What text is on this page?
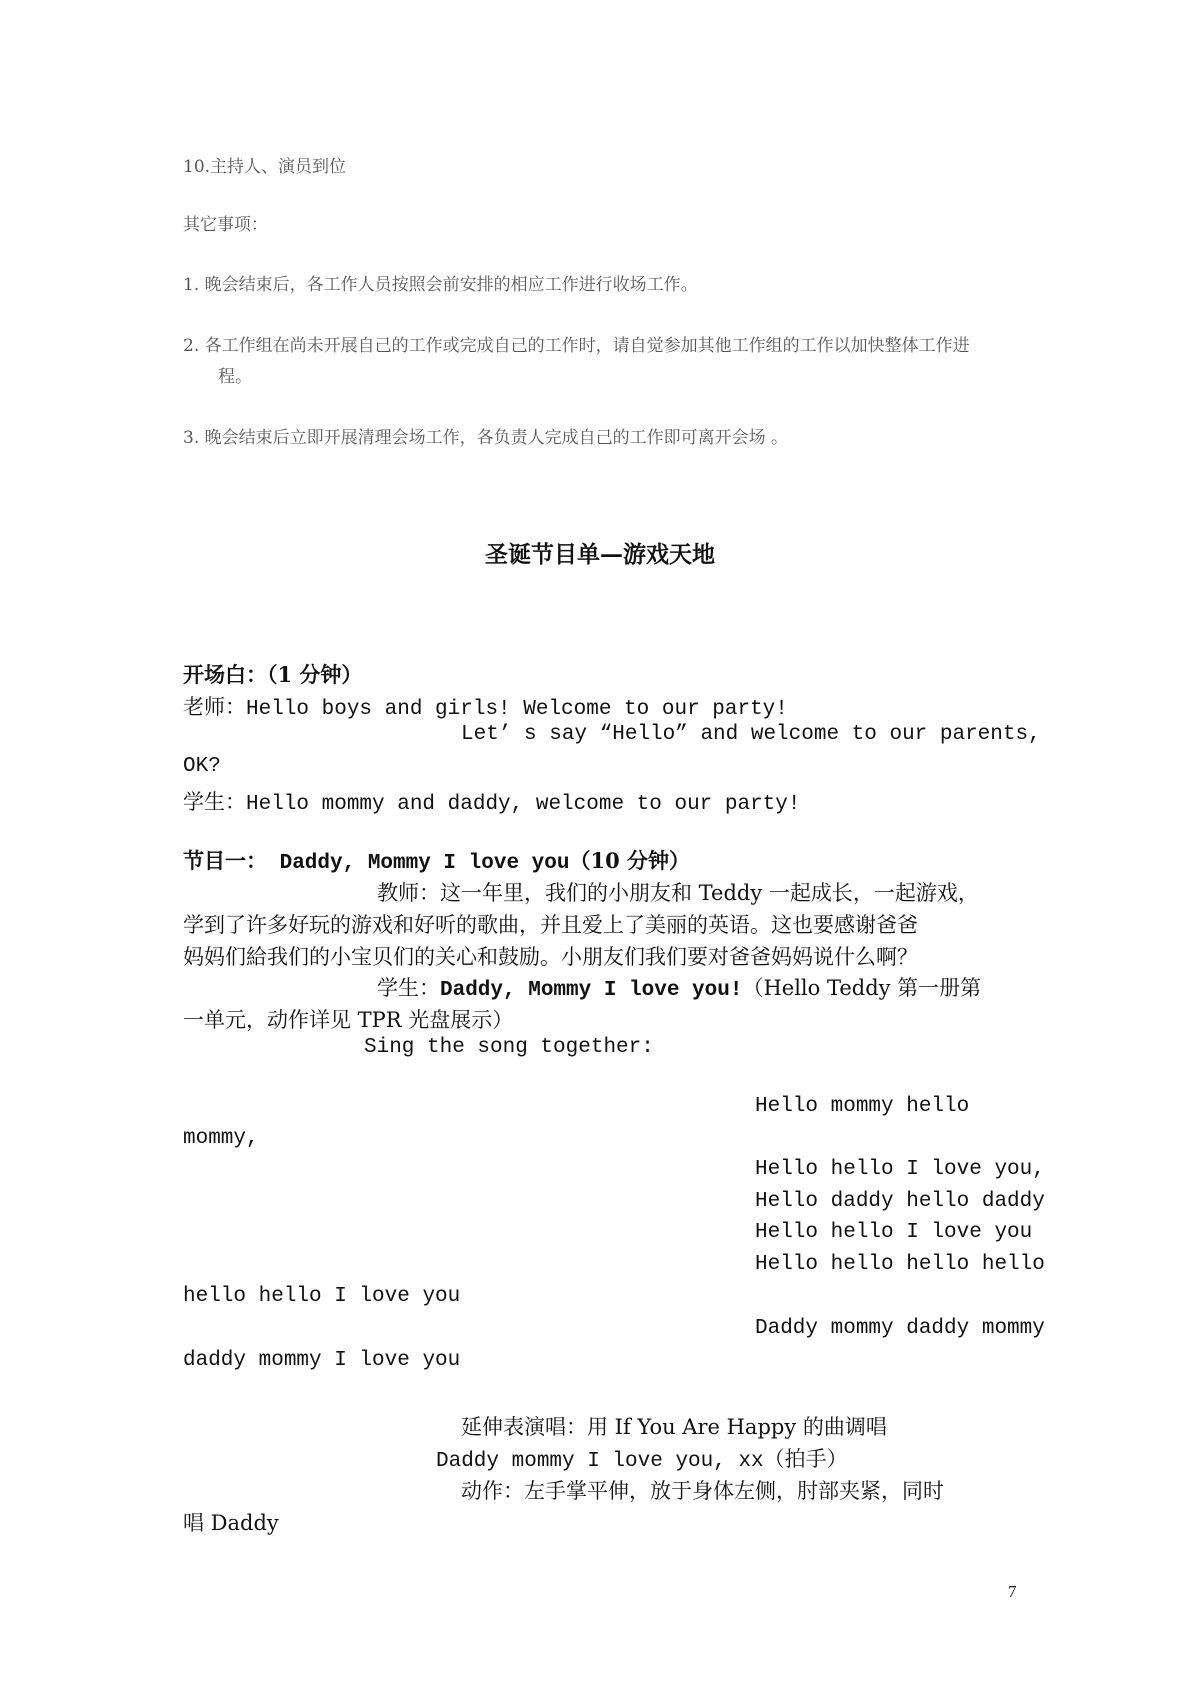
10.主持人、演员到位
其它事项：
1. 晚会结束后，各工作人员按照会前安排的相应工作进行收场工作。
2. 各工作组在尚未开展自己的工作或完成自己的工作时，请自觉参加其他工作组的工作以加快整体工作进
程。
3. 晚会结束后立即开展清理会场工作，各负责人完成自己的工作即可离开会场 。
圣诞节目单—游戏天地
开场白：（1 分钟）
老师：Hello boys and girls! Welcome to our party!
Let’ s say “Hello” and welcome to our parents,
OK?
学生：Hello mommy and daddy, welcome to our party!
节目一： Daddy, Mommy I love you（10 分钟）
教师：这一年里，我们的小朋友和 Teddy 一起成长，一起游戏，
学到了许多好玩的游戏和好听的歌曲，并且爱上了美丽的英语。这也要感谢爸爸
妈妈们給我们的小宝贝们的关心和鼓励。小朋友们我们要对爸爸妈妈说什么啊？
学生：Daddy, Mommy I love you!（Hello Teddy 第一册第
一单元，动作详见 TPR 光盘展示）
Sing the song together:
Hello mommy hello
mommy,
Hello hello I love you,
Hello daddy hello daddy
Hello hello I love you
Hello hello hello hello
hello hello I love you
Daddy mommy daddy mommy
daddy mommy I love you
延伸表演唱：用 If You Are Happy 的曲调唱
Daddy mommy I love you, xx（拍手）
动作：左手掌平伸，放于身体左侧，肘部夹紧，同时
唱 Daddy
7
